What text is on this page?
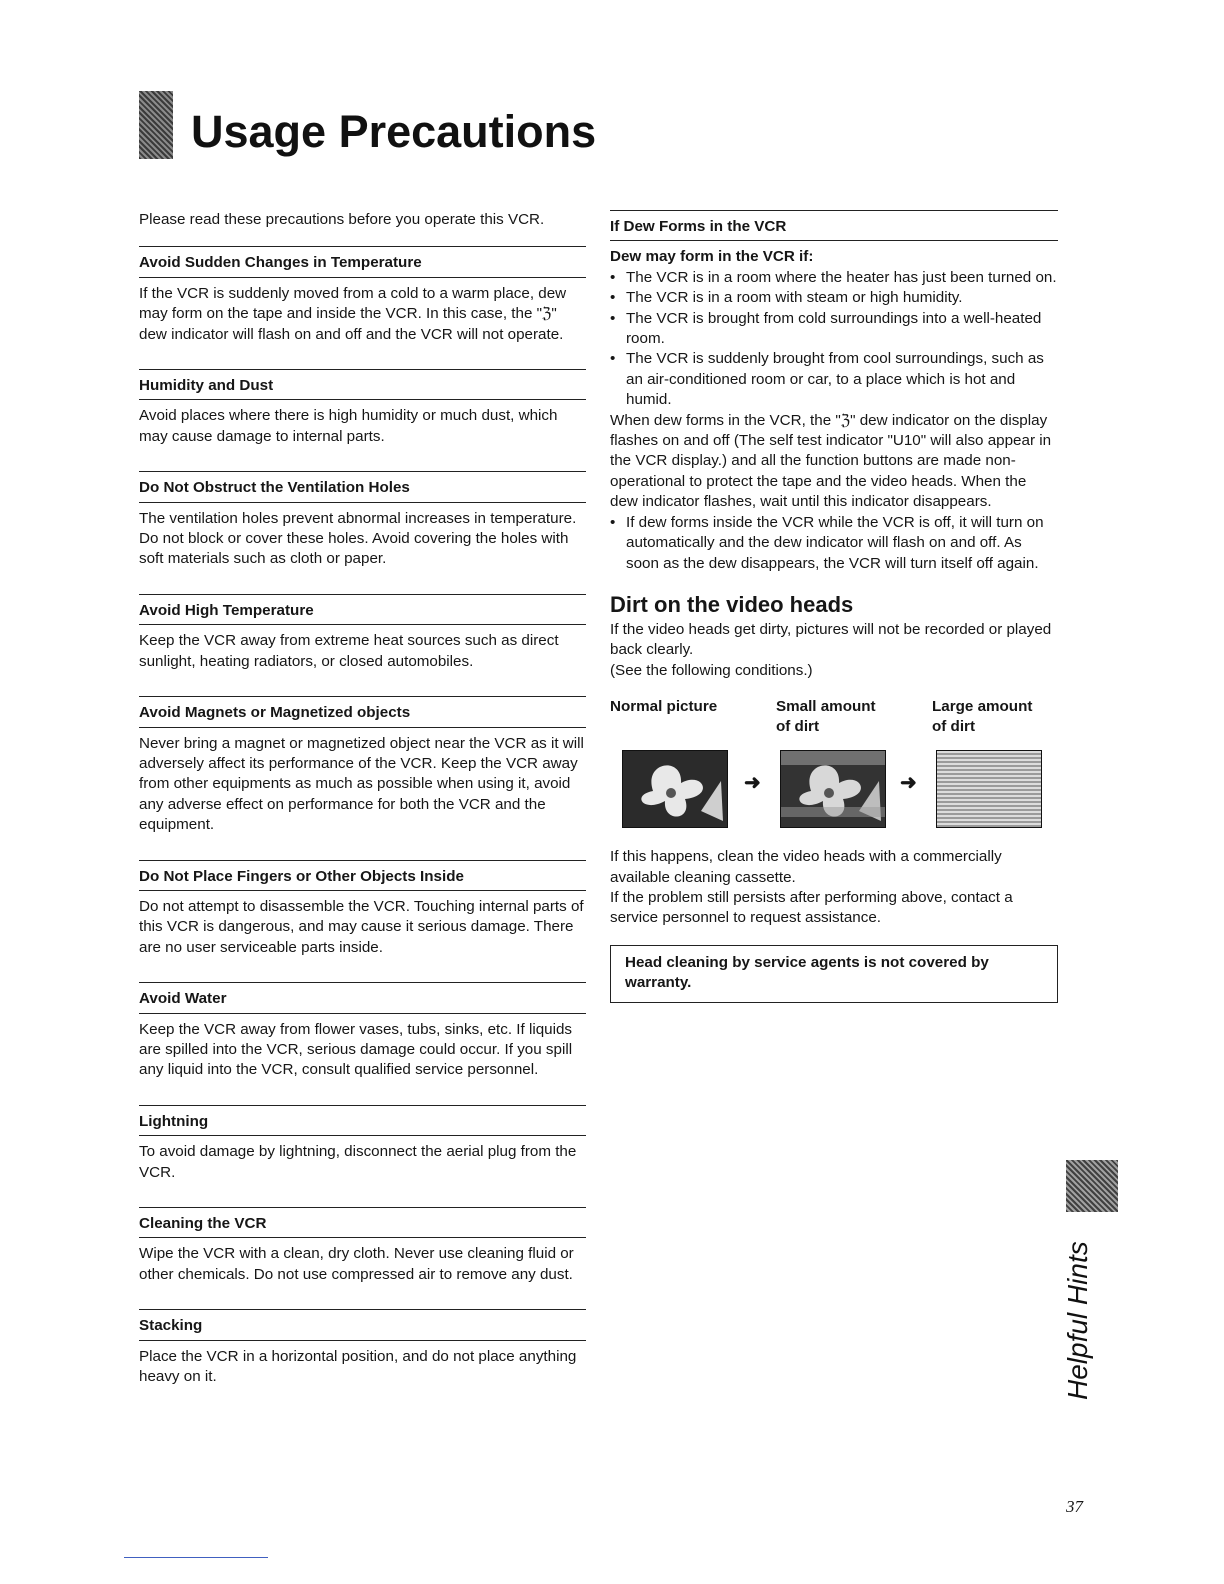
Usage Precautions

Please read these precautions before you operate this VCR.

Avoid Sudden Changes in Temperature

If the VCR is suddenly moved from a cold to a warm place, dew may form on the tape and inside the VCR. In this case, the "ℨ" dew indicator will flash on and off and the VCR will not operate.

Humidity and Dust

Avoid places where there is high humidity or much dust, which may cause damage to internal parts.

Do Not Obstruct the Ventilation Holes

The ventilation holes prevent abnormal increases in temperature. Do not block or cover these holes. Avoid covering the holes with soft materials such as cloth or paper.

Avoid High Temperature

Keep the VCR away from extreme heat sources such as direct sunlight, heating radiators, or closed automobiles.

Avoid Magnets or Magnetized objects

Never bring a magnet or magnetized object near the VCR as it will adversely affect its performance of the VCR. Keep the VCR away from other equipments as much as possible when using it, avoid any adverse effect on performance for both the VCR and the equipment.

Do Not Place Fingers or Other Objects Inside

Do not attempt to disassemble the VCR. Touching internal parts of this VCR is dangerous, and may cause it serious damage. There are no user serviceable parts inside.

Avoid Water

Keep the VCR away from flower vases, tubs, sinks, etc. If liquids are spilled into the VCR, serious damage could occur. If you spill any liquid into the VCR, consult qualified service personnel.

Lightning

To avoid damage by lightning, disconnect the aerial plug from the VCR.

Cleaning the VCR

Wipe the VCR with a clean, dry cloth. Never use cleaning fluid or other chemicals. Do not use compressed air to remove any dust.

Stacking

Place the VCR in a horizontal position, and do not place anything heavy on it.

If Dew Forms in the VCR
Dew may form in the VCR if:
• The VCR is in a room where the heater has just been turned on.
• The VCR is in a room with steam or high humidity.
• The VCR is brought from cold surroundings into a well-heated room.
• The VCR is suddenly brought from cool surroundings, such as an air-conditioned room or car, to a place which is hot and humid.

When dew forms in the VCR, the "ℨ" dew indicator on the display flashes on and off (The self test indicator "U10" will also appear in the VCR display.) and all the function buttons are made non-operational to protect the tape and the video heads. When the dew indicator flashes, wait until this indicator disappears.

• If dew forms inside the VCR while the VCR is off, it will turn on automatically and the dew indicator will flash on and off. As soon as the dew disappears, the VCR will turn itself off again.
Dirt on the video heads

If the video heads get dirty, pictures will not be recorded or played back clearly.

(See the following conditions.)

Normal picture	Small amount
of dirt
Large amount
of dirt
➜	➜

If this happens, clean the video heads with a commercially available cleaning cassette.

If the problem still persists after performing above, contact a service personnel to request assistance.

Head cleaning by service agents is not covered by warranty.
Helpful Hints
37
